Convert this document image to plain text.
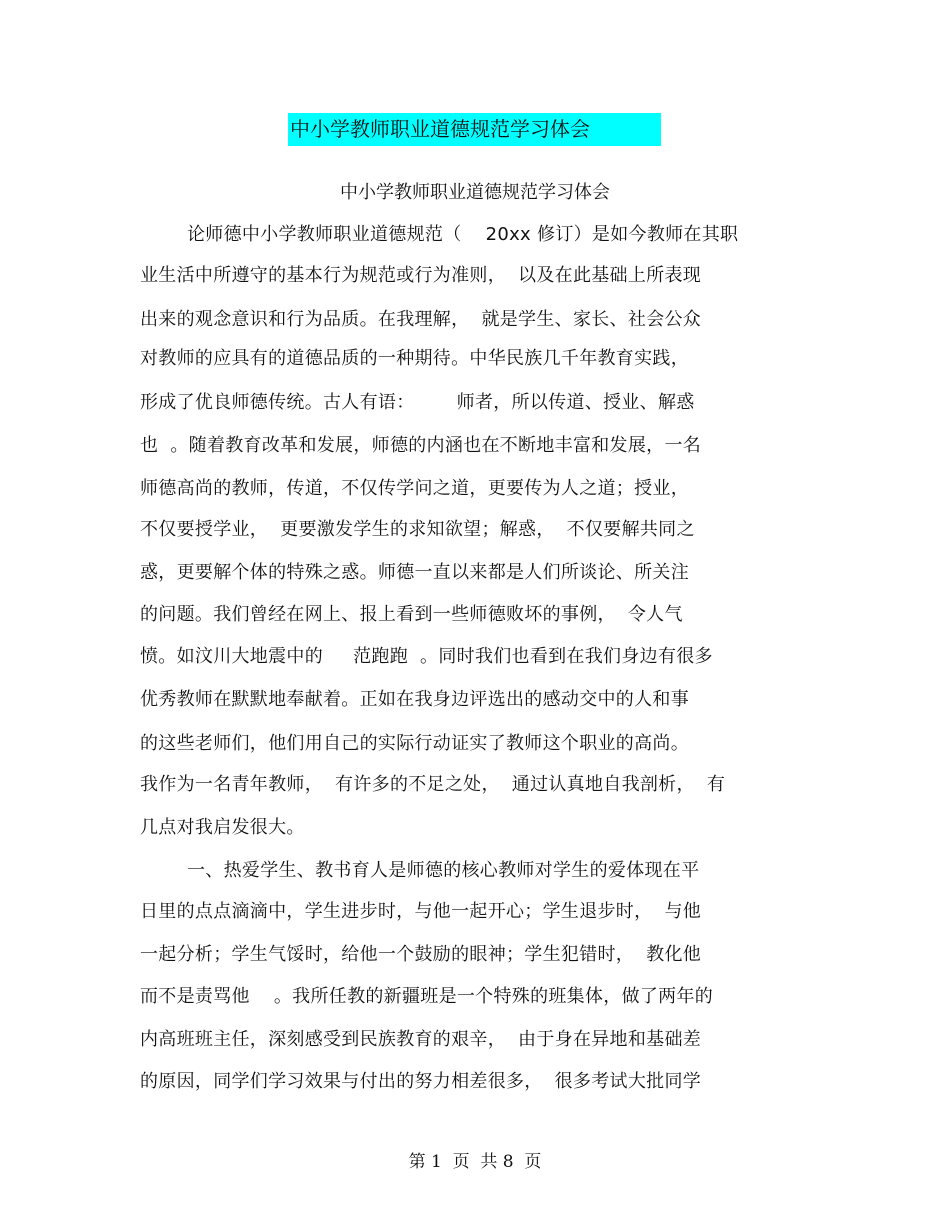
中小学教师职业道德规范学习体会
中小学教师职业道德规范学习体会
论师德中小学教师职业道德规范（    20xx 修订）是如今教师在其职
业生活中所遵守的基本行为规范或行为准则，  以及在此基础上所表现
出来的观念意识和行为品质。在我理解，  就是学生、家长、社会公众
对教师的应具有的道德品质的一种期待。中华民族几千年教育实践，
形成了优良师德传统。古人有语：       师者，所以传道、授业、解惑
也  。随着教育改革和发展，师德的内涵也在不断地丰富和发展，一名
师德高尚的教师，传道，不仅传学问之道，更要传为人之道；授业，
不仅要授学业，  更要激发学生的求知欲望；解惑，  不仅要解共同之
惑，更要解个体的特殊之惑。师德一直以来都是人们所谈论、所关注
的问题。我们曾经在网上、报上看到一些师德败坏的事例，  令人气
愤。如汶川大地震中的     范跑跑  。同时我们也看到在我们身边有很多
优秀教师在默默地奉献着。正如在我身边评选出的感动交中的人和事
的这些老师们，他们用自己的实际行动证实了教师这个职业的高尚。
我作为一名青年教师，  有许多的不足之处，  通过认真地自我剖析，  有
几点对我启发很大。
一、热爱学生、教书育人是师德的核心教师对学生的爱体现在平
日里的点点滴滴中，学生进步时，与他一起开心；学生退步时，  与他
一起分析；学生气馁时，给他一个鼓励的眼神；学生犯错时，  教化他
而不是责骂他    。我所任教的新疆班是一个特殊的班集体，做了两年的
内高班班主任，深刻感受到民族教育的艰辛，  由于身在异地和基础差
的原因，同学们学习效果与付出的努力相差很多，  很多考试大批同学
第 1  页  共 8  页
